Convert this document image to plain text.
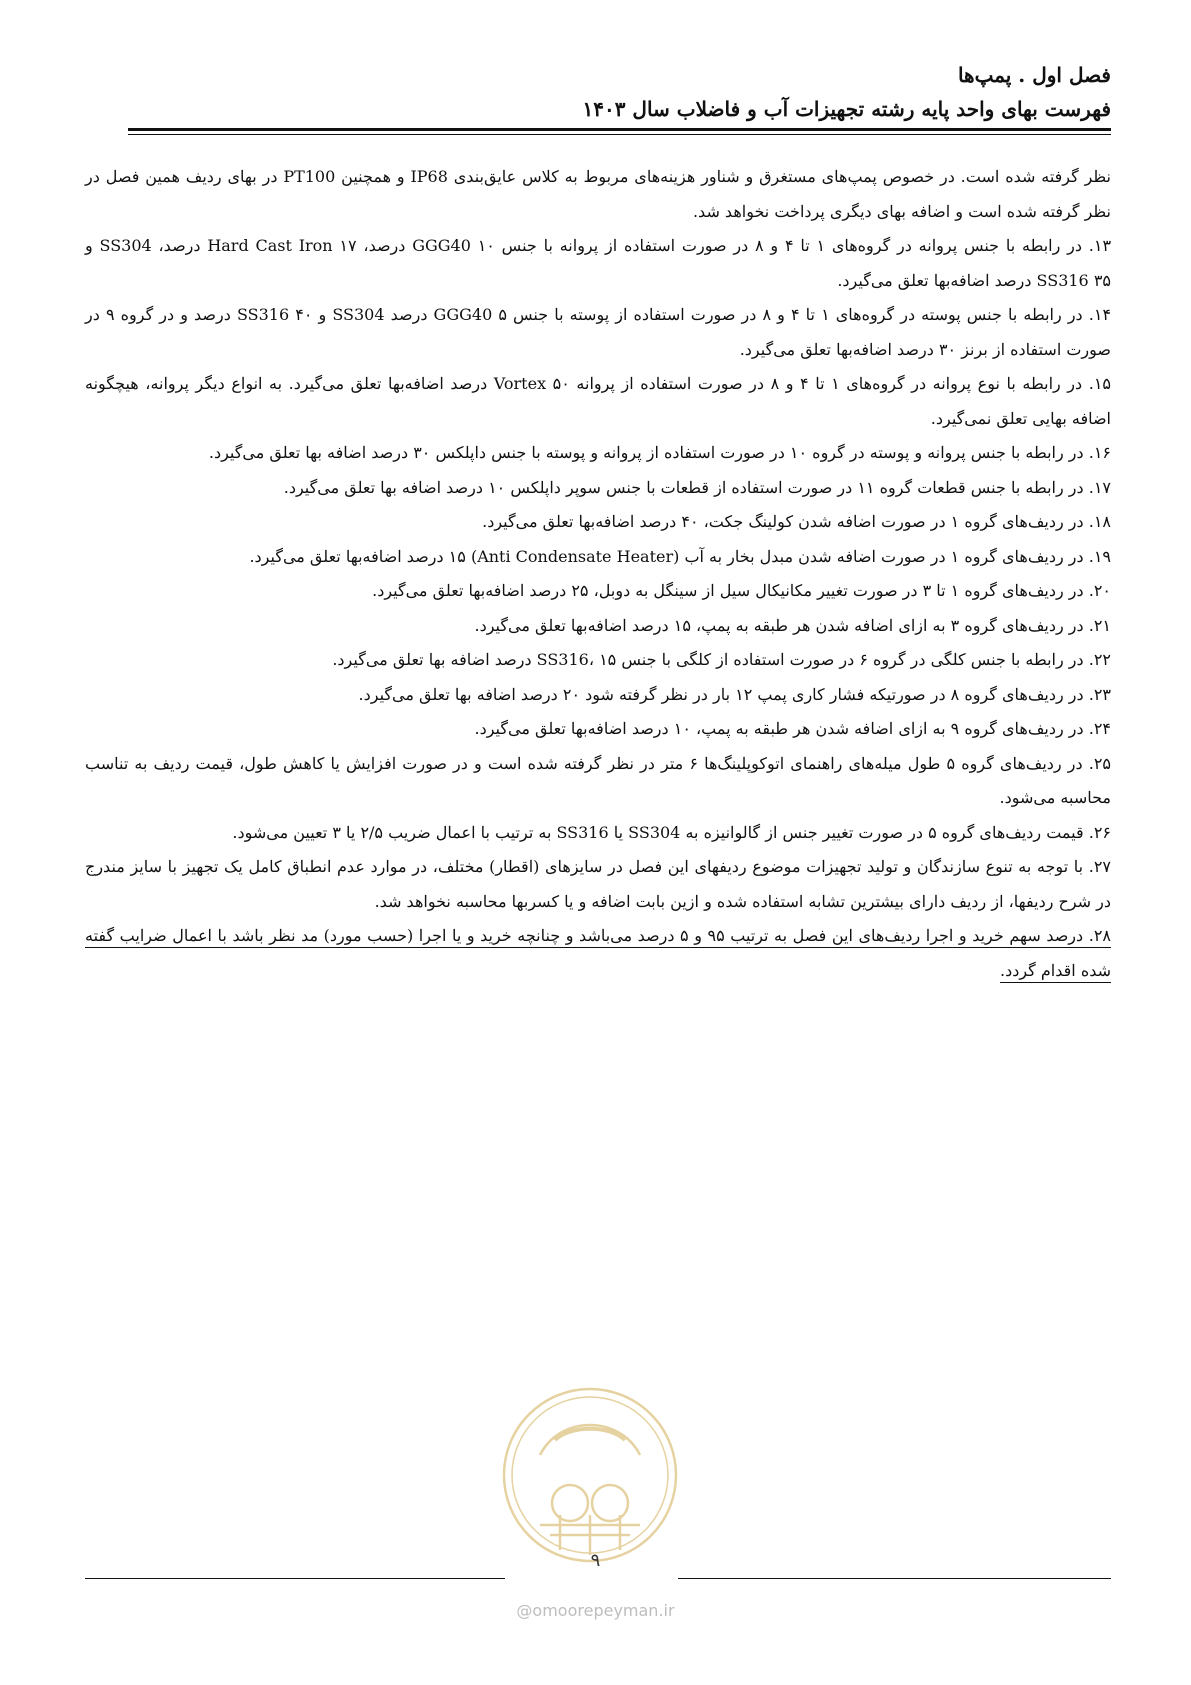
فصل اول . پمپ‌ها
فهرست بهای واحد پایه رشته تجهیزات آب و فاضلاب سال ۱۴۰۳

نظر گرفته شده است. در خصوص پمپ‌های مستغرق و شناور هزینه‌های مربوط به کلاس عایق‌بندی IP68 و همچنین PT100 در بهای ردیف همین فصل در نظر گرفته شده است و اضافه بهای دیگری پرداخت نخواهد شد.

۱۳. در رابطه با جنس پروانه در گروه‌های ۱ تا ۴ و ۸ در صورت استفاده از پروانه با جنس GGG40 ۱۰ درصد، Hard Cast Iron ۱۷ درصد، SS304 و SS316 ۳۵ درصد اضافه‌بها تعلق می‌گیرد.

۱۴. در رابطه با جنس پوسته در گروه‌های ۱ تا ۴ و ۸ در صورت استفاده از پوسته با جنس GGG40 ۵ درصد SS304 و SS316 ۴۰ درصد و در گروه ۹ در صورت استفاده از برنز ۳۰ درصد اضافه‌بها تعلق می‌گیرد.

۱۵. در رابطه با نوع پروانه در گروه‌های ۱ تا ۴ و ۸ در صورت استفاده از پروانه Vortex ۵۰ درصد اضافه‌بها تعلق می‌گیرد. به انواع دیگر پروانه، هیچگونه اضافه بهایی تعلق نمی‌گیرد.

۱۶. در رابطه با جنس پروانه و پوسته در گروه ۱۰ در صورت استفاده از پروانه و پوسته با جنس داپلکس ۳۰ درصد اضافه بها تعلق می‌گیرد.

۱۷. در رابطه با جنس قطعات گروه ۱۱ در صورت استفاده از قطعات با جنس سوپر داپلکس ۱۰ درصد اضافه بها تعلق می‌گیرد.

۱۸. در ردیف‌های گروه ۱ در صورت اضافه شدن کولینگ جکت، ۴۰ درصد اضافه‌بها تعلق می‌گیرد.

۱۹. در ردیف‌های گروه ۱ در صورت اضافه شدن مبدل بخار به آب (Anti Condensate Heater) ۱۵ درصد اضافه‌بها تعلق می‌گیرد.

۲۰. در ردیف‌های گروه ۱ تا ۳ در صورت تغییر مکانیکال سیل از سینگل به دوبل، ۲۵ درصد اضافه‌بها تعلق می‌گیرد.

۲۱. در ردیف‌های گروه ۳ به ازای اضافه شدن هر طبقه به پمپ، ۱۵ درصد اضافه‌بها تعلق می‌گیرد.

۲۲. در رابطه با جنس کلگی در گروه ۶ در صورت استفاده از کلگی با جنس SS316، ۱۵ درصد اضافه بها تعلق می‌گیرد.

۲۳. در ردیف‌های گروه ۸ در صورتیکه فشار کاری پمپ ۱۲ بار در نظر گرفته شود ۲۰ درصد اضافه بها تعلق می‌گیرد.

۲۴. در ردیف‌های گروه ۹ به ازای اضافه شدن هر طبقه به پمپ، ۱۰ درصد اضافه‌بها تعلق می‌گیرد.

۲۵. در ردیف‌های گروه ۵ طول میله‌های راهنمای اتوکوپلینگ‌ها ۶ متر در نظر گرفته شده است و در صورت افزایش یا کاهش طول، قیمت ردیف به تناسب محاسبه می‌شود.

۲۶. قیمت ردیف‌های گروه ۵ در صورت تغییر جنس از گالوانیزه به SS304 یا SS316 به ترتیب با اعمال ضریب ۲/۵ یا ۳ تعیین می‌شود.

۲۷. با توجه به تنوع سازندگان و تولید تجهیزات موضوع ردیفهای این فصل در سایزهای (اقطار) مختلف، در موارد عدم انطباق کامل یک تجهیز با سایز مندرج در شرح ردیفها، از ردیف دارای بیشترین تشابه استفاده شده و ازین بابت اضافه و یا کسربها محاسبه نخواهد شد.

۲۸. درصد سهم خرید و اجرا ردیف‌های این فصل به ترتیب ۹۵ و ۵ درصد می‌باشد و چنانچه خرید و یا اجرا (حسب مورد) مد نظر باشد با اعمال ضرایب گفته شده اقدام گردد.

۹
@omoorepeyman.ir
